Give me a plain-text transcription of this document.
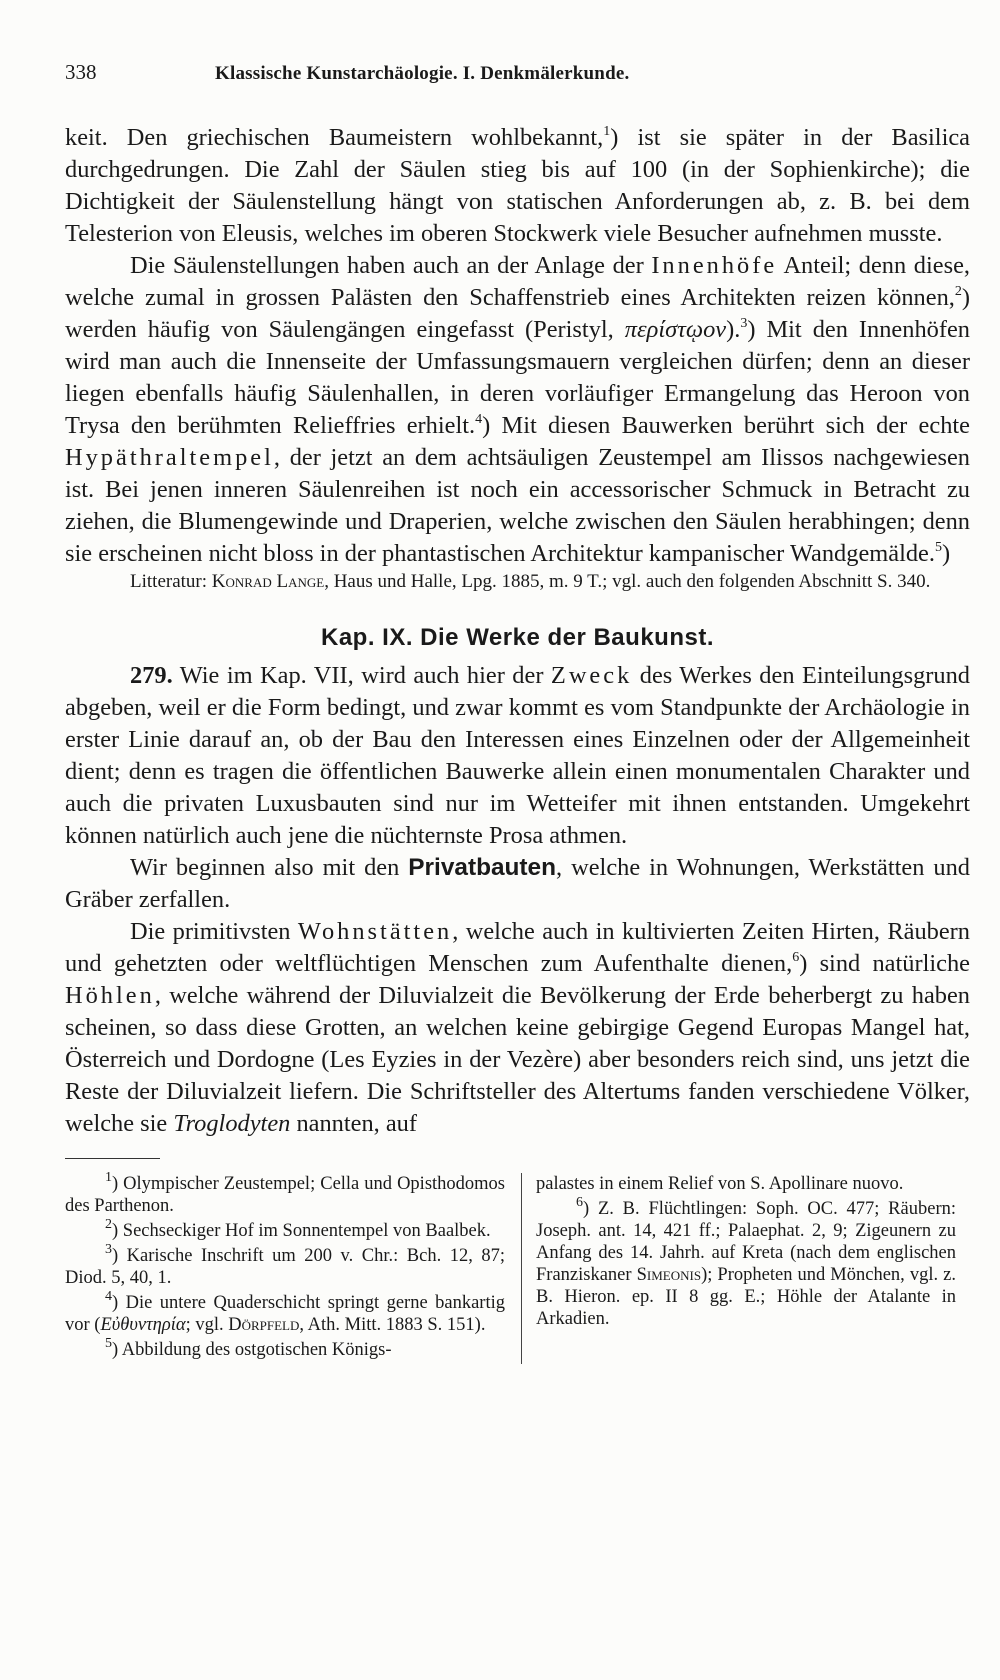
338	Klassische Kunstarchäologie. I. Denkmälerkunde.

keit. Den griechischen Baumeistern wohlbekannt,$^1$) ist sie später in der Basilica durchgedrungen. Die Zahl der Säulen stieg bis auf 100 (in der Sophienkirche); die Dichtigkeit der Säulenstellung hängt von statischen Anforderungen ab, z. B. bei dem Telesterion von Eleusis, welches im oberen Stockwerk viele Besucher aufnehmen musste.

Die Säulenstellungen haben auch an der Anlage der Innenhöfe Anteil; denn diese, welche zumal in grossen Palästen den Schaffenstrieb eines Architekten reizen können,$^2$) werden häufig von Säulengängen eingefasst (Peristyl, περίστῳον).$^3$) Mit den Innenhöfen wird man auch die Innenseite der Umfassungsmauern vergleichen dürfen; denn an dieser liegen ebenfalls häufig Säulenhallen, in deren vorläufiger Ermangelung das Heroon von Trysa den berühmten Relieffries erhielt.$^4$) Mit diesen Bauwerken berührt sich der echte Hypäthraltempel, der jetzt an dem achtsäuligen Zeustempel am Ilissos nachgewiesen ist. Bei jenen inneren Säulenreihen ist noch ein accessorischer Schmuck in Betracht zu ziehen, die Blumengewinde und Draperien, welche zwischen den Säulen herabhingen; denn sie erscheinen nicht bloss in der phantastischen Architektur kampanischer Wandgemälde.$^5$)

Litteratur: Konrad Lange, Haus und Halle, Lpg. 1885, m. 9 T.; vgl. auch den folgenden Abschnitt S. 340.

Kap. IX. Die Werke der Baukunst.

279. Wie im Kap. VII, wird auch hier der Zweck des Werkes den Einteilungsgrund abgeben, weil er die Form bedingt, und zwar kommt es vom Standpunkte der Archäologie in erster Linie darauf an, ob der Bau den Interessen eines Einzelnen oder der Allgemeinheit dient; denn es tragen die öffentlichen Bauwerke allein einen monumentalen Charakter und auch die privaten Luxusbauten sind nur im Wetteifer mit ihnen entstanden. Umgekehrt können natürlich auch jene die nüchternste Prosa athmen.

Wir beginnen also mit den Privatbauten, welche in Wohnungen, Werkstätten und Gräber zerfallen.

Die primitivsten Wohnstätten, welche auch in kultivierten Zeiten Hirten, Räubern und gehetzten oder weltflüchtigen Menschen zum Aufenthalte dienen,$^6$) sind natürliche Höhlen, welche während der Diluvialzeit die Bevölkerung der Erde beherbergt zu haben scheinen, so dass diese Grotten, an welchen keine gebirgige Gegend Europas Mangel hat, Österreich und Dordogne (Les Eyzies in der Vezère) aber besonders reich sind, uns jetzt die Reste der Diluvialzeit liefern. Die Schriftsteller des Altertums fanden verschiedene Völker, welche sie Troglodyten nannten, auf

$^1$) Olympischer Zeustempel; Cella und Opisthodomos des Parthenon.

$^2$) Sechseckiger Hof im Sonnentempel von Baalbek.

$^3$) Karische Inschrift um 200 v. Chr.: Bch. 12, 87; Diod. 5, 40, 1.

$^4$) Die untere Quaderschicht springt gerne bankartig vor (Εὐθυντηρία; vgl. Dörpfeld, Ath. Mitt. 1883 S. 151).

$^5$) Abbildung des ostgotischen Königs-

palastes in einem Relief von S. Apollinare nuovo.

$^6$) Z. B. Flüchtlingen: Soph. OC. 477; Räubern: Joseph. ant. 14, 421 ff.; Palaephat. 2, 9; Zigeunern zu Anfang des 14. Jahrh. auf Kreta (nach dem englischen Franziskaner Simeonis); Propheten und Mönchen, vgl. z. B. Hieron. ep. II 8 gg. E.; Höhle der Atalante in Arkadien.
